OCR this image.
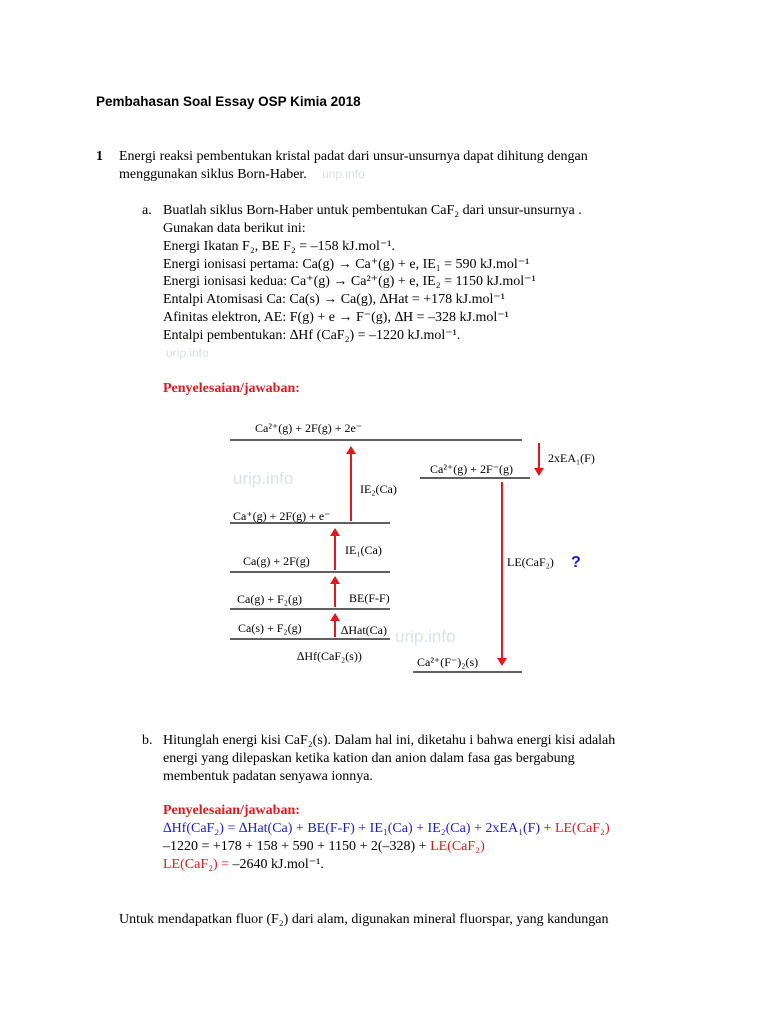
Pembahasan Soal Essay OSP Kimia 2018
1 Energi reaksi pembentukan kristal padat dari unsur-unsurnya dapat dihitung dengan
menggunakan siklus Born-Haber. urip.info
a. Buatlah siklus Born-Haber untuk pembentukan CaF₂ dari unsur-unsurnya .
Gunakan data berikut ini:
Energi Ikatan F₂, BE F₂ = –158 kJ.mol⁻¹.
Energi ionisasi pertama: Ca(g) → Ca⁺(g) + e, IE₁ = 590 kJ.mol⁻¹
Energi ionisasi kedua: Ca⁺(g) → Ca²⁺(g) + e, IE₂ = 1150 kJ.mol⁻¹
Entalpi Atomisasi Ca: Ca(s) → Ca(g), ∆Hat = +178 kJ.mol⁻¹
Afinitas elektron, AE: F(g) + e → F⁻(g), ∆H = –328 kJ.mol⁻¹
Entalpi pembentukan: ∆Hf (CaF₂) = –1220 kJ.mol⁻¹.
urip.info
Penyelesaian/jawaban:
urip.info
urip.info
Ca²⁺(g) + 2F(g) + 2e⁻
Ca²⁺(g) + 2F⁻(g)
Ca⁺(g) + 2F(g) + e⁻
Ca(g) + 2F(g)
Ca(g) + F₂(g)
Ca(s) + F₂(g)
Ca²⁺(F⁻)₂(s)
IE₂(Ca)
IE₁(Ca)
BE(F-F)
∆Hat(Ca)
∆Hf(CaF₂(s))
2xEA₁(F)
LE(CaF₂) ?
b. Hitunglah energi kisi CaF₂(s). Dalam hal ini, diketahu i bahwa energi kisi adalah
energi yang dilepaskan ketika kation dan anion dalam fasa gas bergabung
membentuk padatan senyawa ionnya.
Penyelesaian/jawaban:
∆Hf(CaF₂) = ∆Hat(Ca) + BE(F-F) + IE₁(Ca) + IE₂(Ca) + 2xEA₁(F) + LE(CaF₂)
–1220 = +178 + 158 + 590 + 1150 + 2(–328) + LE(CaF₂)
LE(CaF₂) = –2640 kJ.mol⁻¹.
Untuk mendapatkan fluor (F₂) dari alam, digunakan mineral fluorspar, yang kandungan
